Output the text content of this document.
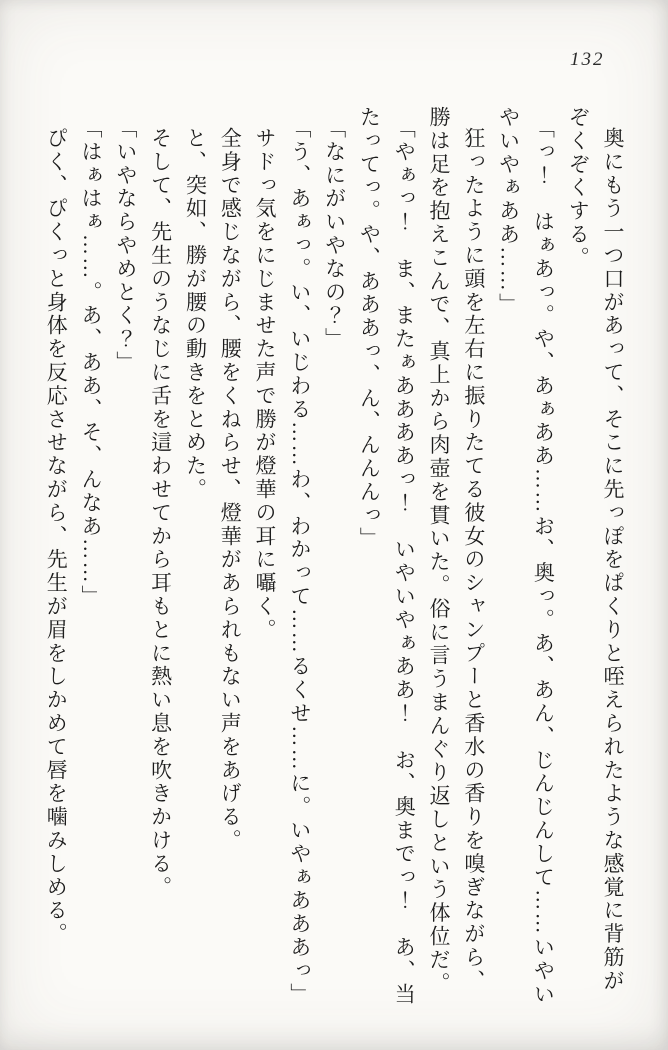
132

奥にもう一つ口があって、そこに先っぽをぱくりと咥えられたような感覚に背筋が

ぞくぞくする。

「っ！　はぁあっ。や、あぁああ……お、奥っ。あ、あん、じんじんして……いやい

やいやぁああ……」

狂ったように頭を左右に振りたてる彼女のシャンプーと香水の香りを嗅ぎながら、

勝は足を抱えこんで、真上から肉壺を貫いた。俗に言うまんぐり返しという体位だ。

「やぁっ！　ま、またぁああああっ！　いやいやぁああ！　お、奥までっ！　あ、当

たってっ。や、あああっ、ん、んんんっ」

「なにがいやなの？」

「う、あぁっ。い、いじわる……わ、わかって……るくせ……に。いやぁあああっ」

サドっ気をにじませた声で勝が燈華の耳に囁く。

全身で感じながら、腰をくねらせ、燈華があられもない声をあげる。

と、突如、勝が腰の動きをとめた。

そして、先生のうなじに舌を這わせてから耳もとに熱い息を吹きかける。

「いやならやめとく？」

「はぁはぁ……。あ、ああ、そ、んなあ……」

ぴく、ぴくっと身体を反応させながら、先生が眉をしかめて唇を噛みしめる。
